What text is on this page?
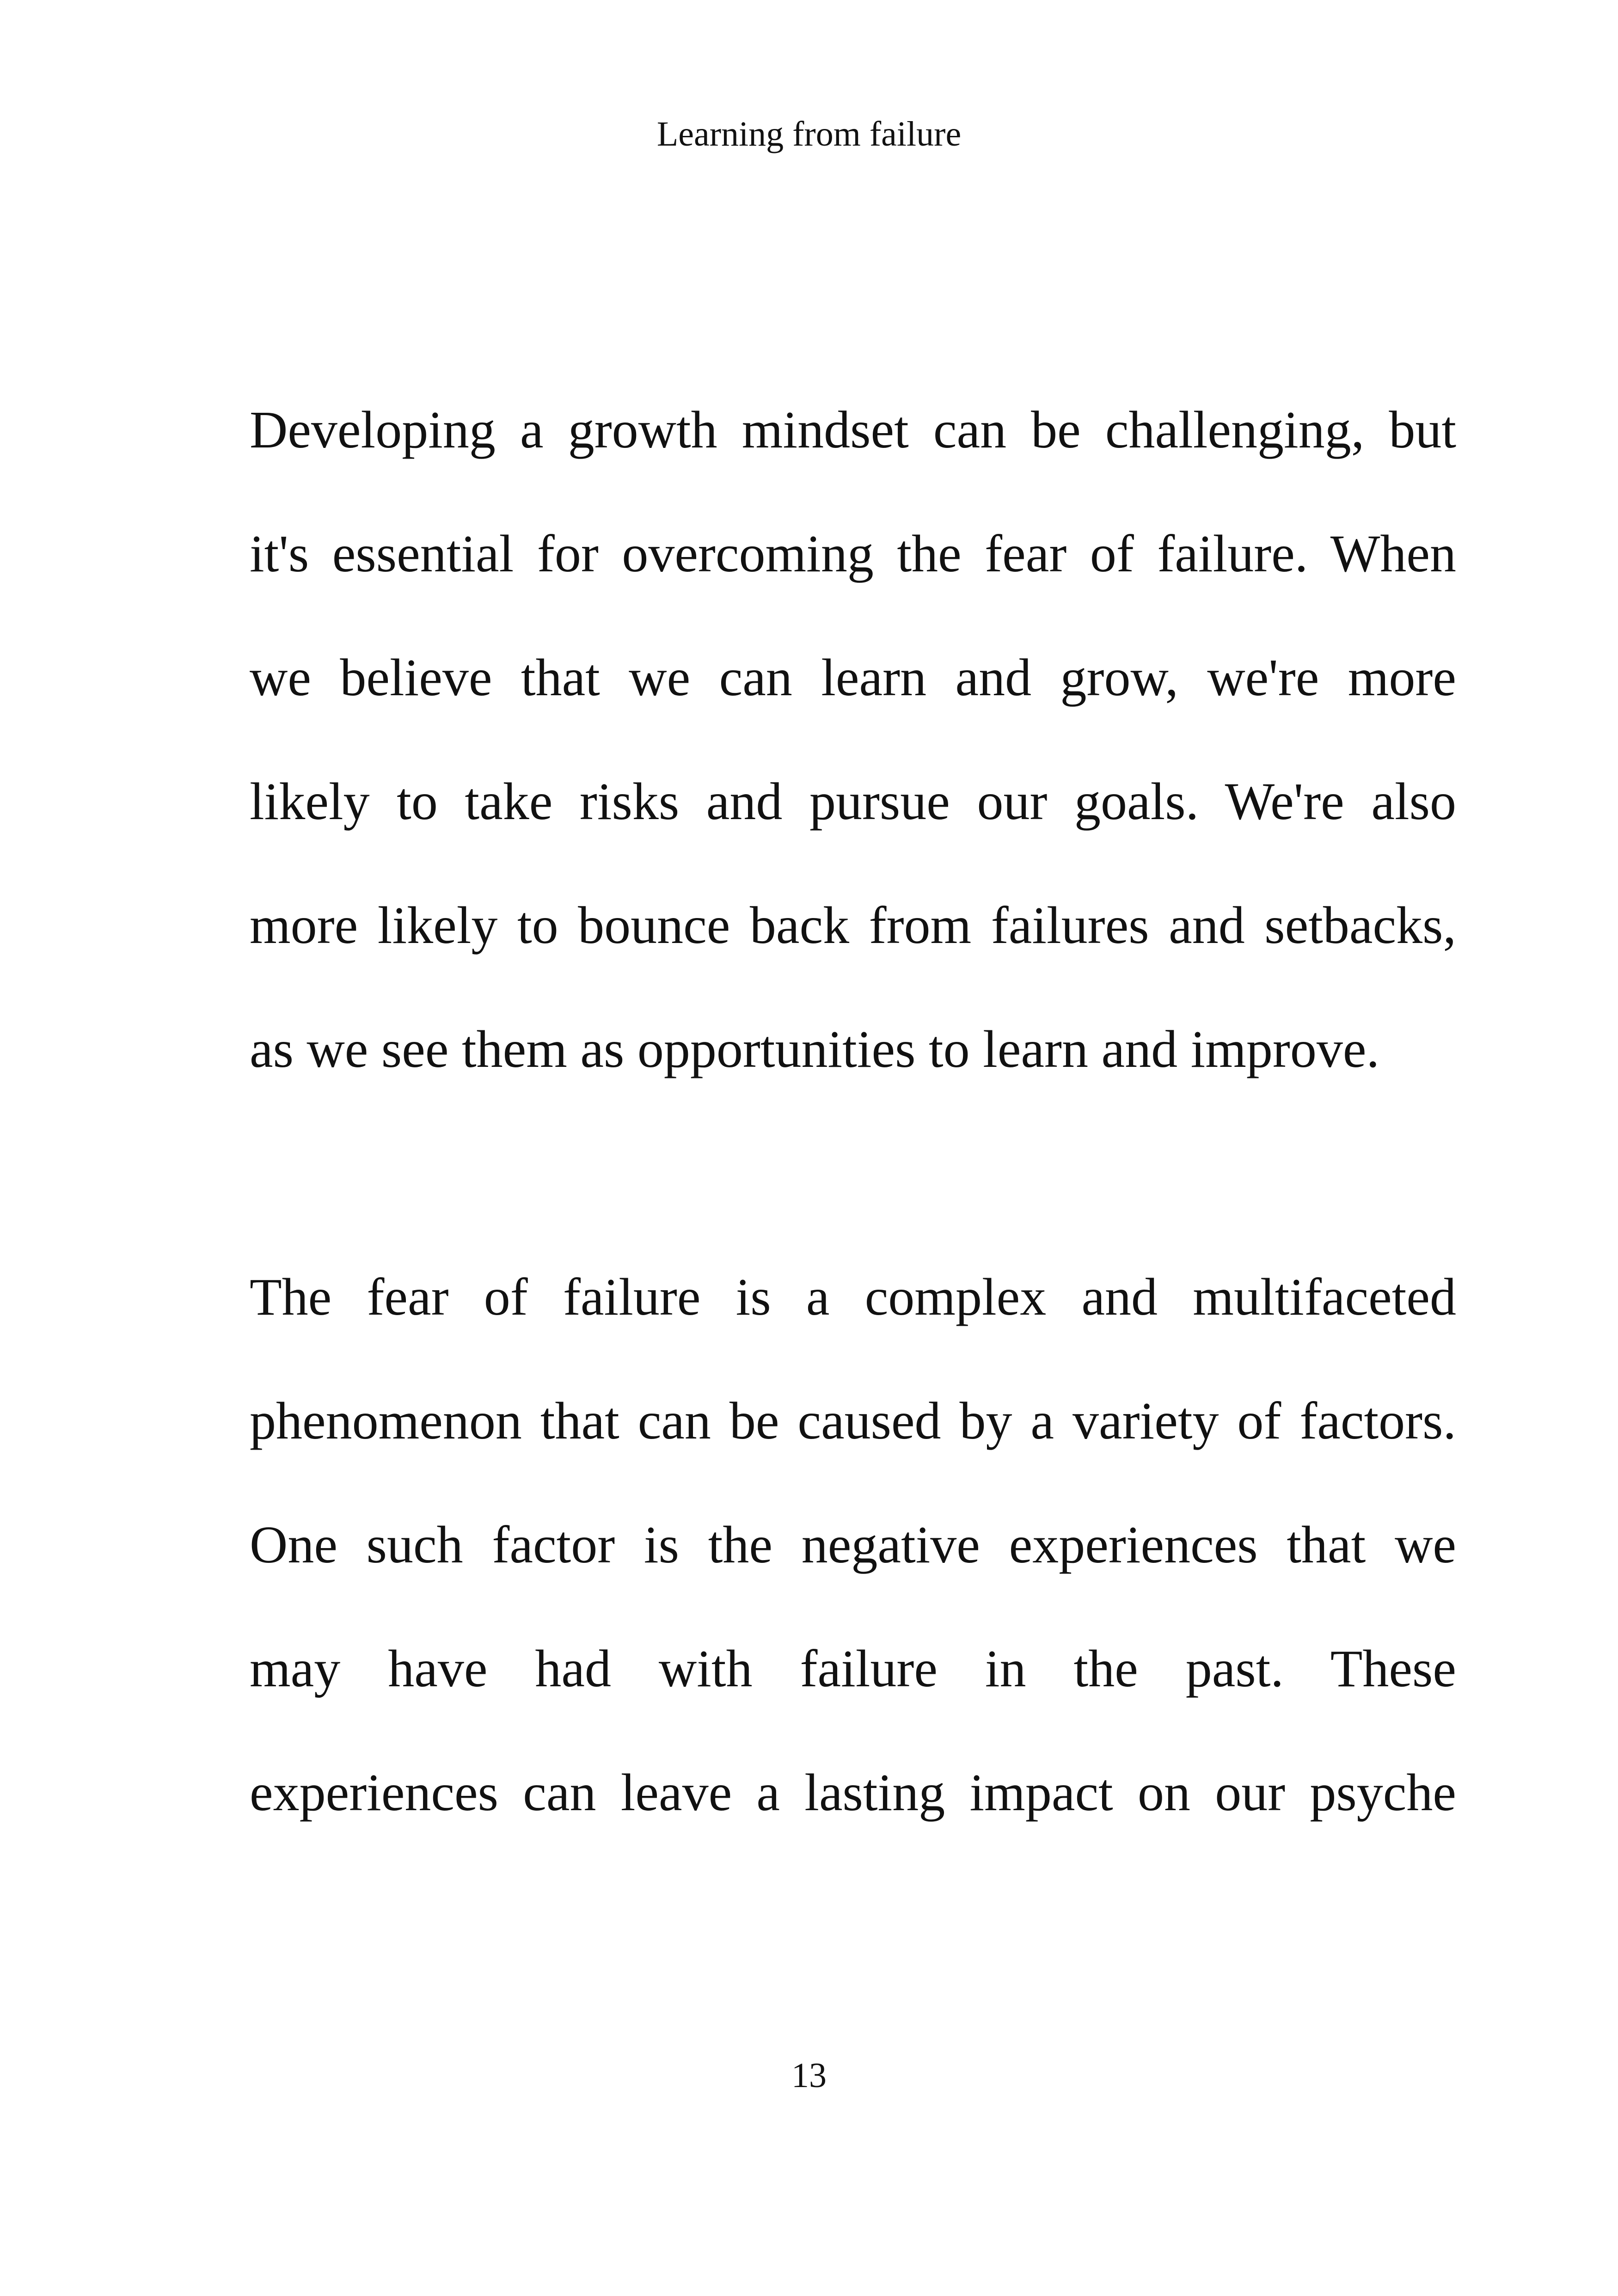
Learning from failure
Developing a growth mindset can be challenging, but
it's essential for overcoming the fear of failure. When
we believe that we can learn and grow, we're more
likely to take risks and pursue our goals. We're also
more likely to bounce back from failures and setbacks,
as we see them as opportunities to learn and improve.
The fear of failure is a complex and multifaceted
phenomenon that can be caused by a variety of factors.
One such factor is the negative experiences that we
may have had with failure in the past. These
experiences can leave a lasting impact on our psyche
13
